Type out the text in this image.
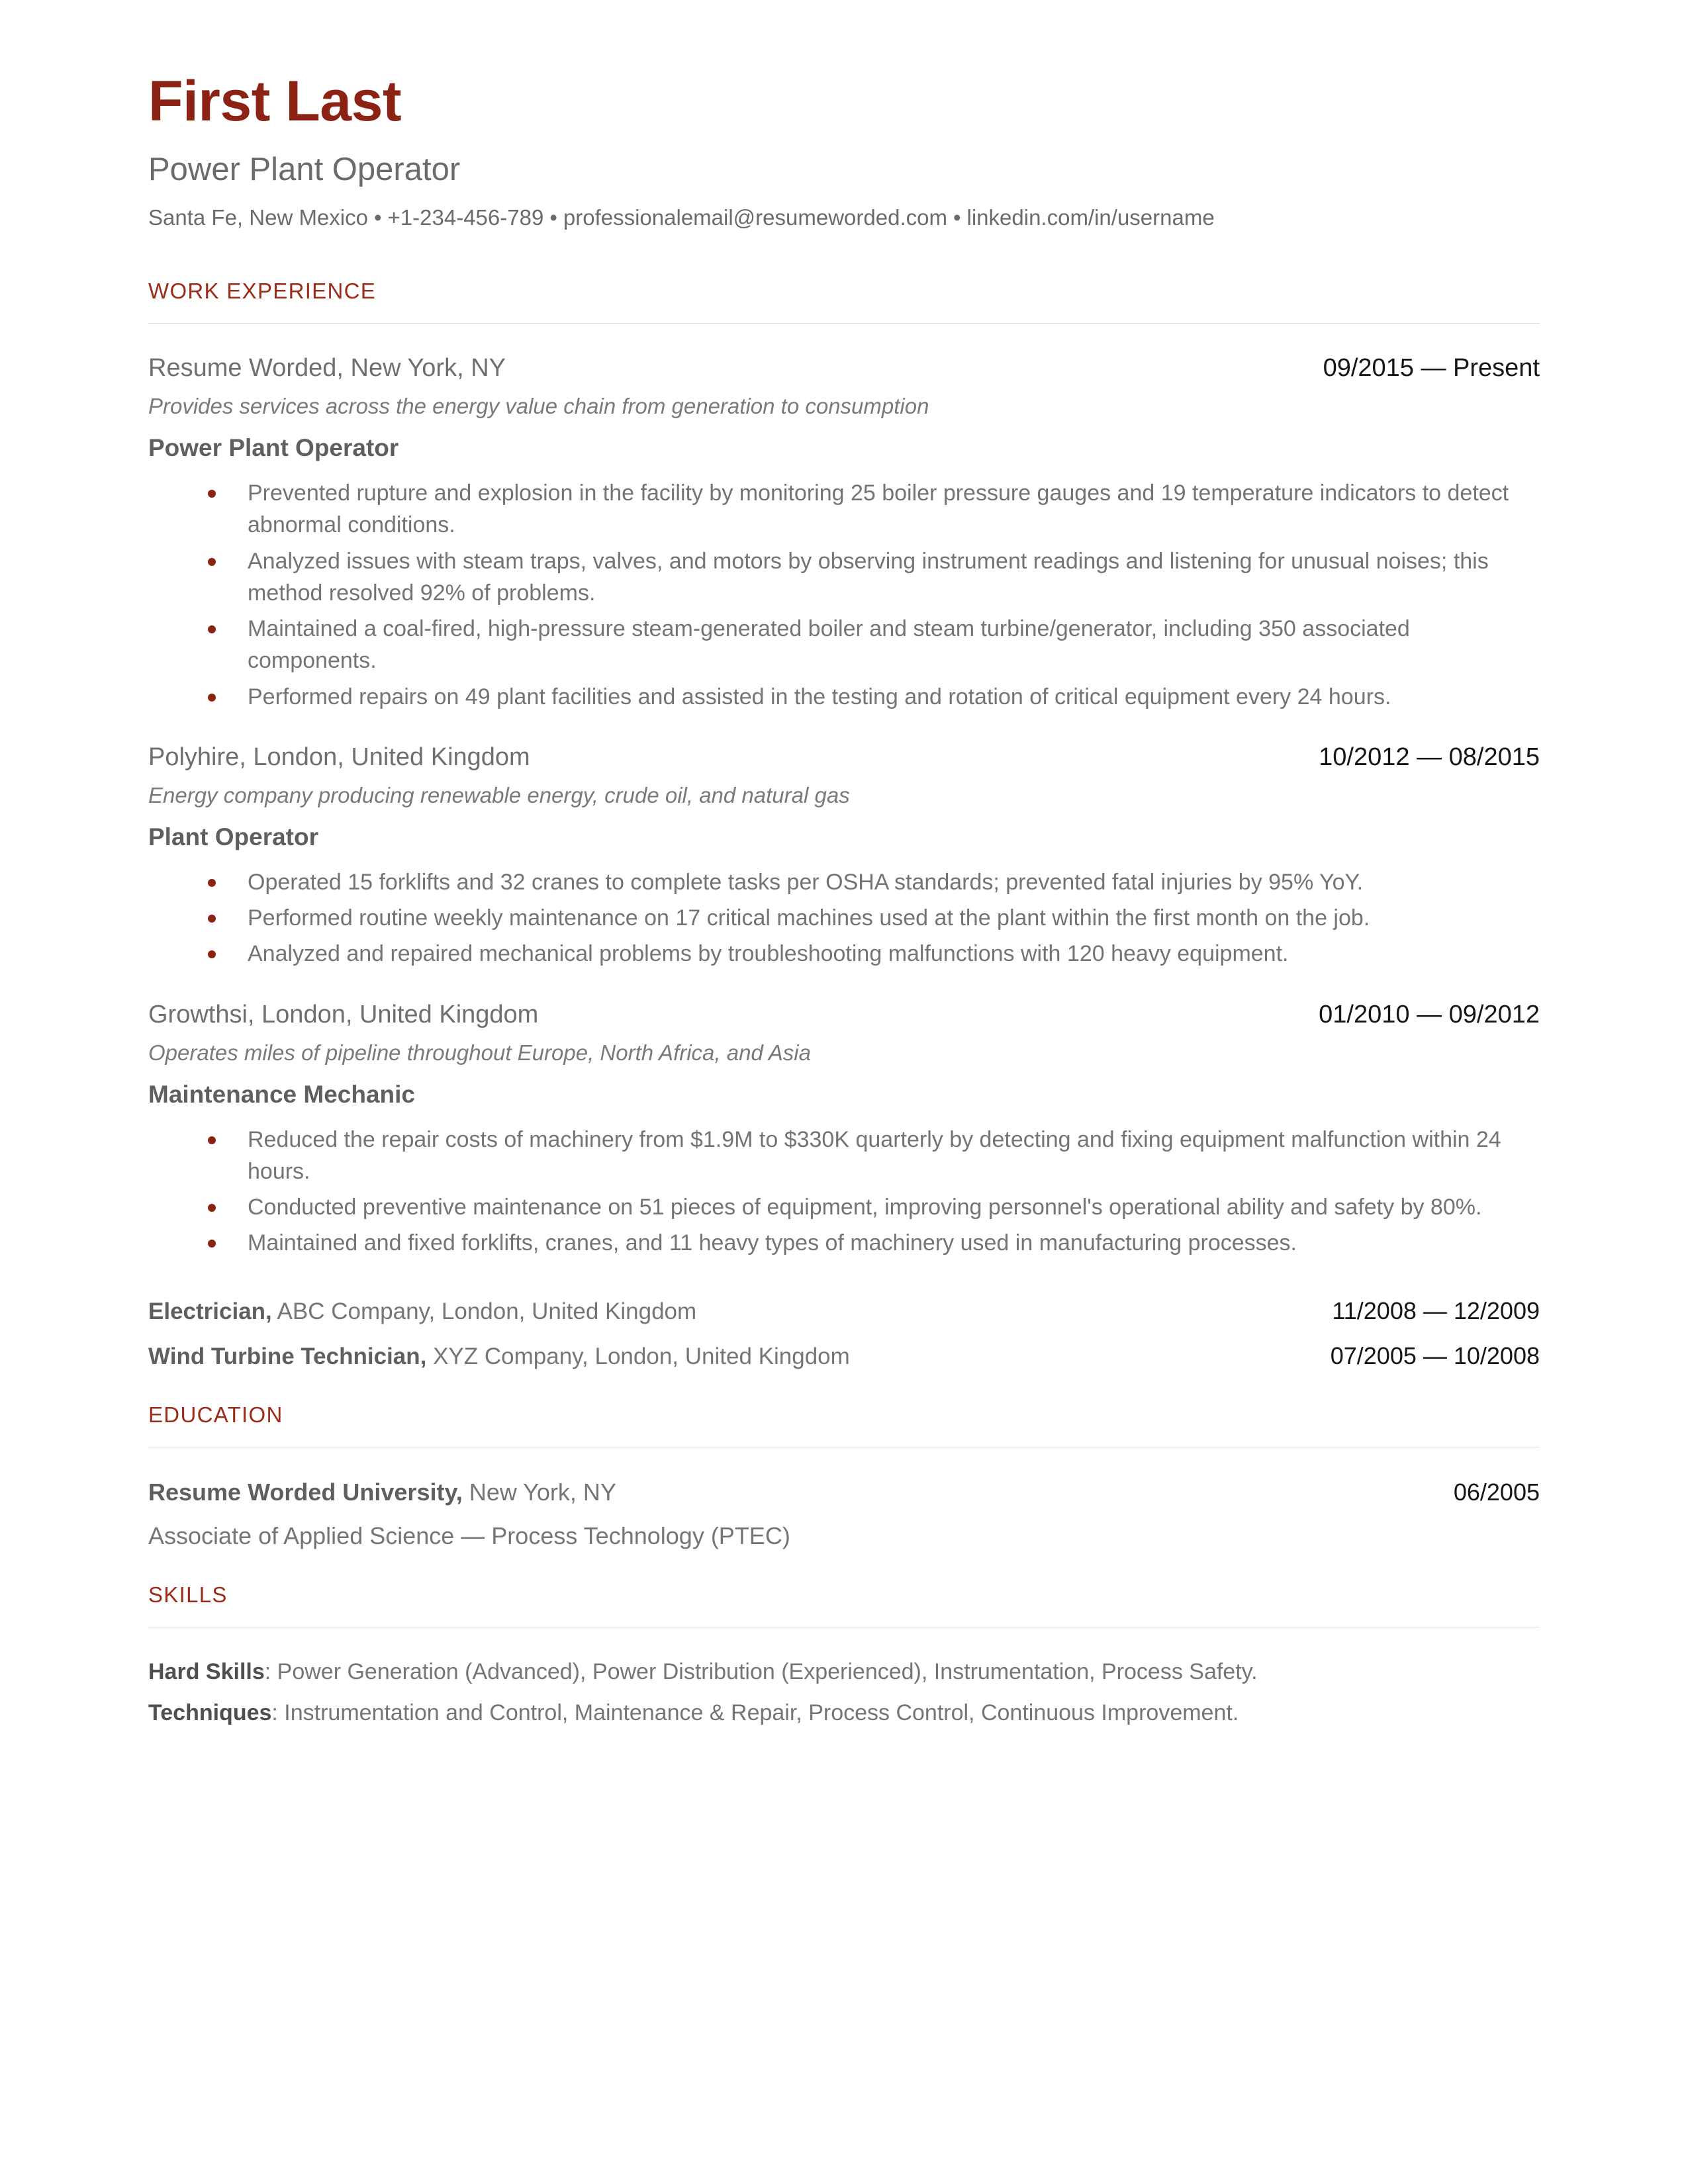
First Last
Power Plant Operator
Santa Fe, New Mexico • +1-234-456-789 • professionalemail@resumeworded.com • linkedin.com/in/username
WORK EXPERIENCE
Resume Worded, New York, NY	09/2015 — Present
Provides services across the energy value chain from generation to consumption
Power Plant Operator
Prevented rupture and explosion in the facility by monitoring 25 boiler pressure gauges and 19 temperature indicators to detect abnormal conditions.
Analyzed issues with steam traps, valves, and motors by observing instrument readings and listening for unusual noises; this method resolved 92% of problems.
Maintained a coal-fired, high-pressure steam-generated boiler and steam turbine/generator, including 350 associated components.
Performed repairs on 49 plant facilities and assisted in the testing and rotation of critical equipment every 24 hours.
Polyhire, London, United Kingdom	10/2012 — 08/2015
Energy company producing renewable energy, crude oil, and natural gas
Plant Operator
Operated 15 forklifts and 32 cranes to complete tasks per OSHA standards; prevented fatal injuries by 95% YoY.
Performed routine weekly maintenance on 17 critical machines used at the plant within the first month on the job.
Analyzed and repaired mechanical problems by troubleshooting malfunctions with 120 heavy equipment.
Growthsi, London, United Kingdom	01/2010 — 09/2012
Operates miles of pipeline throughout Europe, North Africa, and Asia
Maintenance Mechanic
Reduced the repair costs of machinery from $1.9M to $330K quarterly by detecting and fixing equipment malfunction within 24 hours.
Conducted preventive maintenance on 51 pieces of equipment, improving personnel's operational ability and safety by 80%.
Maintained and fixed forklifts, cranes, and 11 heavy types of machinery used in manufacturing processes.
Electrician, ABC Company, London, United Kingdom	11/2008 — 12/2009
Wind Turbine Technician, XYZ Company, London, United Kingdom	07/2005 — 10/2008
EDUCATION
Resume Worded University, New York, NY	06/2005
Associate of Applied Science — Process Technology (PTEC)
SKILLS
Hard Skills: Power Generation (Advanced), Power Distribution (Experienced), Instrumentation, Process Safety.
Techniques: Instrumentation and Control, Maintenance & Repair, Process Control, Continuous Improvement.
